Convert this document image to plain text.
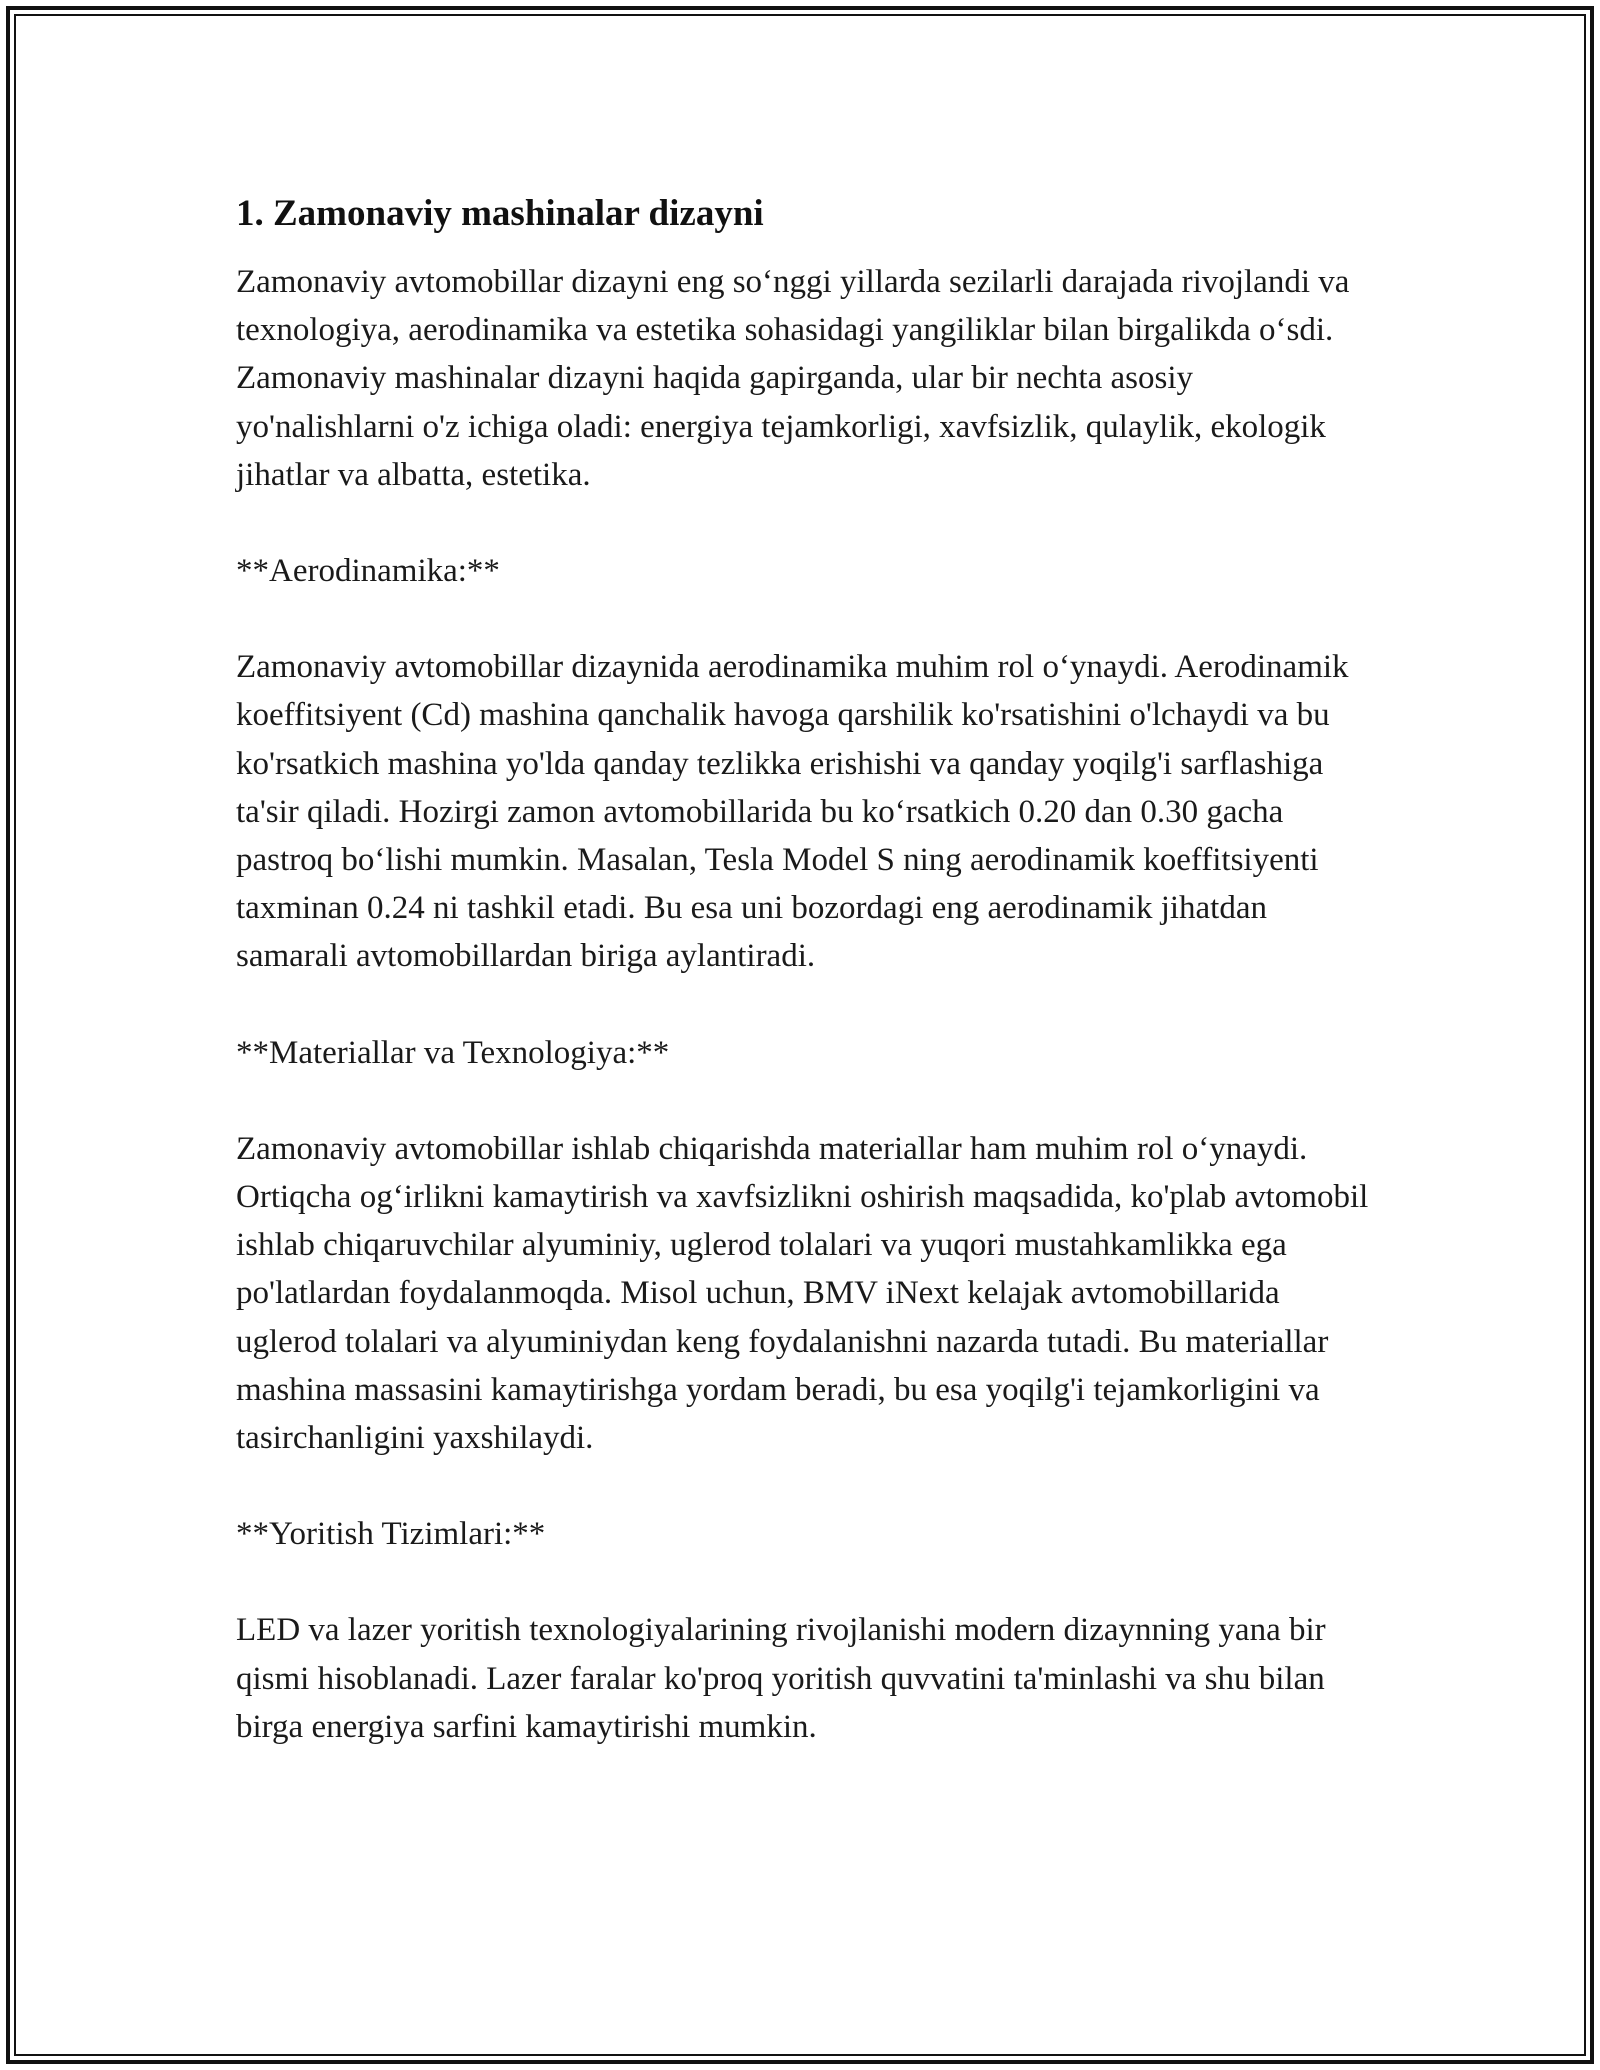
1. Zamonaviy mashinalar dizayni

Zamonaviy avtomobillar dizayni eng so‘nggi yillarda sezilarli darajada rivojlandi va texnologiya, aerodinamika va estetika sohasidagi yangiliklar bilan birgalikda o‘sdi. Zamonaviy mashinalar dizayni haqida gapirganda, ular bir nechta asosiy yo'nalishlarni o'z ichiga oladi: energiya tejamkorligi, xavfsizlik, qulaylik, ekologik jihatlar va albatta, estetika.

**Aerodinamika:**

Zamonaviy avtomobillar dizaynida aerodinamika muhim rol o‘ynaydi. Aerodinamik koeffitsiyent (Cd) mashina qanchalik havoga qarshilik ko'rsatishini o'lchaydi va bu ko'rsatkich mashina yo'lda qanday tezlikka erishishi va qanday yoqilg'i sarflashiga ta'sir qiladi. Hozirgi zamon avtomobillarida bu ko‘rsatkich 0.20 dan 0.30 gacha pastroq bo‘lishi mumkin. Masalan, Tesla Model S ning aerodinamik koeffitsiyenti taxminan 0.24 ni tashkil etadi. Bu esa uni bozordagi eng aerodinamik jihatdan samarali avtomobillardan biriga aylantiradi.

**Materiallar va Texnologiya:**

Zamonaviy avtomobillar ishlab chiqarishda materiallar ham muhim rol o‘ynaydi. Ortiqcha og‘irlikni kamaytirish va xavfsizlikni oshirish maqsadida, ko'plab avtomobil ishlab chiqaruvchilar alyuminiy, uglerod tolalari va yuqori mustahkamlikka ega po'latlardan foydalanmoqda. Misol uchun, BMV iNext kelajak avtomobillarida uglerod tolalari va alyuminiydan keng foydalanishni nazarda tutadi. Bu materiallar mashina massasini kamaytirishga yordam beradi, bu esa yoqilg'i tejamkorligini va tasirchanligini yaxshilaydi.

**Yoritish Tizimlari:**

LED va lazer yoritish texnologiyalarining rivojlanishi modern dizaynning yana bir qismi hisoblanadi. Lazer faralar ko'proq yoritish quvvatini ta'minlashi va shu bilan birga energiya sarfini kamaytirishi mumkin.
